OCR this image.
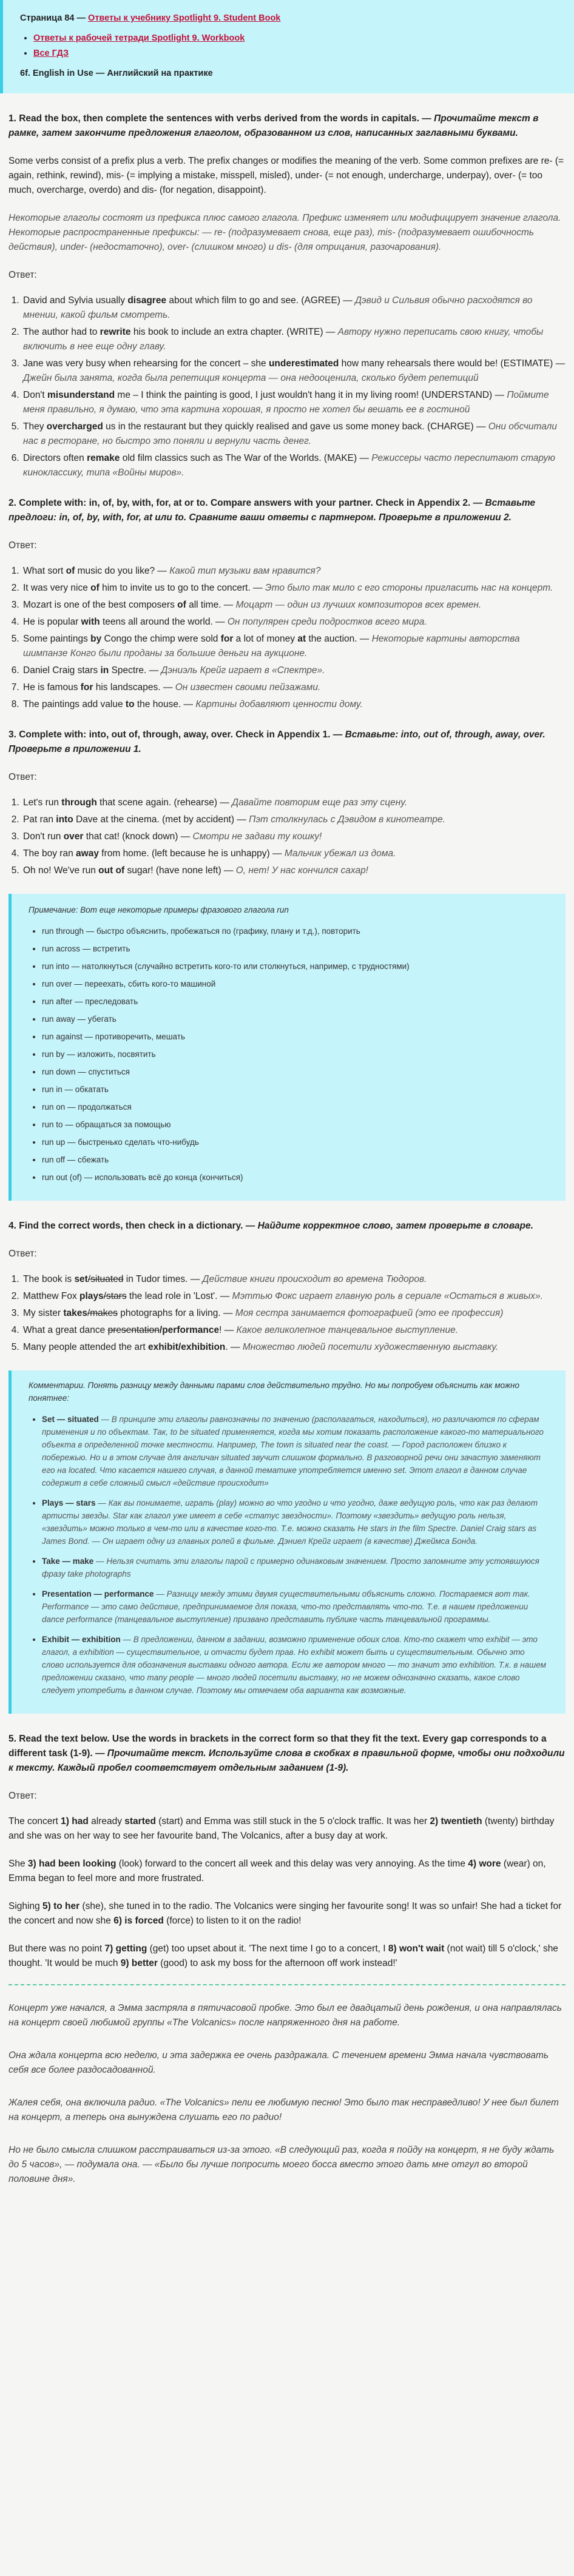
Страница 84 — Ответы к учебнику Spotlight 9. Student Book
• Ответы к рабочей тетради Spotlight 9. Workbook
• Все ГДЗ
6f. English in Use — Английский на практике

1. Read the box, then complete the sentences with verbs derived from the words in capitals. — Прочитайте текст в рамке, затем закончите предложения глаголом, образованном из слов, написанных заглавными буквами.

Some verbs consist of a prefix plus a verb. The prefix changes or modifies the meaning of the verb. Some common prefixes are re- (= again, rethink, rewind), mis- (= implying a mistake, misspell, misled), under- (= not enough, undercharge, underpay), over- (= too much, overcharge, overdo) and dis- (for negation, disappoint).

Некоторые глаголы состоят из префикса плюс самого глагола. Префикс изменяет или модифицирует значение глагола. Некоторые распространенные префиксы: — re- (подразумевает снова, еще раз), mis- (подразумевает ошибочность действия), under- (недостаточно), over- (слишком много) и dis- (для отрицания, разочарования).

Ответ:

1. David and Sylvia usually disagree about which film to go and see. (AGREE) — Дэвид и Сильвия обычно расходятся во мнении, какой фильм смотреть.
2. The author had to rewrite his book to include an extra chapter. (WRITE) — Автору нужно переписать свою книгу, чтобы включить в нее еще одну главу.
3. Jane was very busy when rehearsing for the concert – she underestimated how many rehearsals there would be! (ESTIMATE) — Джейн была занята, когда была репетиция концерта — она недооценила, сколько будет репетиций
4. Don't misunderstand me – I think the painting is good, I just wouldn't hang it in my living room! (UNDERSTAND) — Поймите меня правильно, я думаю, что эта картина хорошая, я просто не хотел бы вешать ее в гостиной
5. They overcharged us in the restaurant but they quickly realised and gave us some money back. (CHARGE) — Они обсчитали нас в ресторане, но быстро это поняли и вернули часть денег.
6. Directors often remake old film classics such as The War of the Worlds. (MAKE) — Режиссеры часто пересnumaют старую киноклассику, типа «Войны миров».

2. Complete with: in, of, by, with, for, at or to. Compare answers with your partner. Check in Appendix 2. — Вставьте предлоги: in, of, by, with, for, at или to. Сравните ваши ответы с партнером. Проверьте в приложении 2.

Ответ:

1. What sort of music do you like? — Какой тип музыки вам нравится?
2. It was very nice of him to invite us to go to the concert. — Это было так мило с его стороны пригласить нас на концерт.
3. Mozart is one of the best composers of all time. — Моцарт — один из лучших композиторов всех времен.
4. He is popular with teens all around the world. — Он популярен среди подростков всего мира.
5. Some paintings by Congo the chimp were sold for a lot of money at the auction. — Некоторые картины авторства шимпанзе Конго были проданы за большие деньги на аукционе.
6. Daniel Craig stars in Spectre. — Дэниэль Крейг играет в «Спектре».
7. He is famous for his landscapes. — Он известен своими пейзажами.
8. The paintings add value to the house. — Картины добавляют ценности дому.

3. Complete with: into, out of, through, away, over. Check in Appendix 1. — Вставьте: into, out of, through, away, over. Проверьте в приложении 1.

Ответ:

1. Let's run through that scene again. (rehearse) — Давайте повторим еще раз эту сцену.
2. Pat ran into Dave at the cinema. (met by accident) — Пэт столкнулась с Дэвидом в кинотеатре.
3. Don't run over that cat! (knock down) — Смотри не задави ту кошку!
4. The boy ran away from home. (left because he is unhappy) — Мальчик убежал из дома.
5. Oh no! We've run out of sugar! (have none left) — О, нет! У нас кончился сахар!
Примечание: Вот еще некоторые примеры фразового глагола run
• run through — быстро объяснить, пробежаться по (графику, плану и т.д.), повторить
• run across — встретить
• run into — натолкнуться (случайно встретить кого-то или столкнуться, например, с трудностями)
• run over — переехать, сбить кого-то машиной
• run after — преследовать
• run away — убегать
• run against — противоречить, мешать
• run by — изложить, посвятить
• run down — спуститься
• run in — обкатать
• run on — продолжаться
• run to — обращаться за помощью
• run up — быстренько сделать что-нибудь
• run off — сбежать
• run out (of) — использовать всё до конца (кончиться)

4. Find the correct words, then check in a dictionary. — Найдите корректное слово, затем проверьте в словаре.

Ответ:

1. The book is set/situated in Tudor times. — Действие книги происходит во времена Тюдоров.
2. Matthew Fox plays/stars the lead role in 'Lost'. — Мэттью Фокс играет главную роль в сериале «Остаться в живых».
3. My sister takes/makes photographs for a living. — Моя сестра занимается фотографией (это ее профессия)
4. What a great dance presentation/performance! — Какое великолепное танцевальное выступление.
5. Many people attended the art exhibit/exhibition. — Множество людей посетили художественную выставку.
Комментарии. Понять разницу между данными парами слов действительно трудно. Но мы попробуем объяснить как можно понятнее:
• Set — situated — В принципе эти глаголы равнозначны по значению (располагаться, находиться), но различаются по сферам применения и по объектам. Так, to be situated применяется, когда мы хотим показать расположение какого-то материального объекта в определенной точке местности. Например, The town is situated near the coast. — Город расположен близко к побережью. Но и в этом случае для англичан situated звучит слишком формально. В разговорной речи они зачастую заменяют его на located. Что касается нашего случая, в данной тематике употребляется именно set. Этот глагол в данном случае содержит в себе сложный смысл «действие происходит»
• Plays — stars — Как вы понимаете, играть (play) можно во что угодно и что угодно, даже ведущую роль, что как раз делают артисты звезды. Star как глагол уже имеет в себе «статус звездности». Поэтому «звездить» ведущую роль нельзя, «звездить» можно только в чем-то или в качестве кого-то. Т.е. можно сказать He stars in the film Spectre. Daniel Craig stars as James Bond. — Он играет одну из главных ролей в фильме. Дэниел Крейг играет (в качестве) Джеймса Бонда.
• Take — make — Нельзя считать эти глаголы парой с примерно одинаковым значением. Просто запомните эту устоявшуюся фразу take photographs
• Presentation — performance — Разницу между этими двумя существительными объяснить сложно. Постараемся вот так. Performance — это само действие, предпринимаемое для показа, что-то представлять что-то. Т.е. в нашем предложении dance performance (танцевальное выступление) призвано представить публике часть танцевальной программы.
• Exhibit — exhibition — В предложении, данном в задании, возможно применение обоих слов. Кто-то скажет что exhibit — это глагол, а exhibition — существительное, и отчасти будет прав. Но exhibit может быть и существительным. Обычно это слово используется для обозначения выставки одного автора. Если же автором много — то значит это exhibition. Т.к. в нашем предложении сказано, что many people — много людей посетили выставку, но не можем однозначно сказать, какое слово следует употребить в данном случае. Поэтому мы отмечаем оба варианта как возможные.

5. Read the text below. Use the words in brackets in the correct form so that they fit the text. Every gap corresponds to a different task (1-9). — Прочитайте текст. Используйте слова в скобках в правильной форме, чтобы они подходили к тексту. Каждый пробел соответствует отдельным заданием (1-9).

Ответ:

The concert 1) had already started (start) and Emma was still stuck in the 5 o'clock traffic. It was her 2) twentieth (twenty) birthday and she was on her way to see her favourite band, The Volcanics, after a busy day at work.

She 3) had been looking (look) forward to the concert all week and this delay was very annoying. As the time 4) wore (wear) on, Emma began to feel more and more frustrated.

Sighing 5) to her (she), she tuned in to the radio. The Volcanics were singing her favourite song! It was so unfair! She had a ticket for the concert and now she 6) is forced (force) to listen to it on the radio!

But there was no point 7) getting (get) too upset about it. 'The next time I go to a concert, I 8) won't wait (not wait) till 5 o'clock,' she thought. 'It would be much 9) better (good) to ask my boss for the afternoon off work instead!'

Концерт уже начался, а Эмма застряла в пятичасовой пробке. Это был ее двадцатый день рождения, и она направлялась на концерт своей любимой группы «The Volcanics» после напряженного дня на работе.

Она ждала концерта всю неделю, и эта задержка ее очень раздражала. С течением времени Эмма начала чувствовать себя все более раздосадованной.

Жалея себя, она включила радио. «The Volcanics» пели ее любимую песню! Это было так несправедливо! У нее был билет на концерт, а теперь она вынуждена слушать его по радио!

Но не было смысла слишком расстраиваться из-за этого. «В следующий раз, когда я пойду на концерт, я не буду ждать до 5 часов», — подумала она. — «Было бы лучше попросить моего босса вместо этого дать мне отгул во второй половине дня».
